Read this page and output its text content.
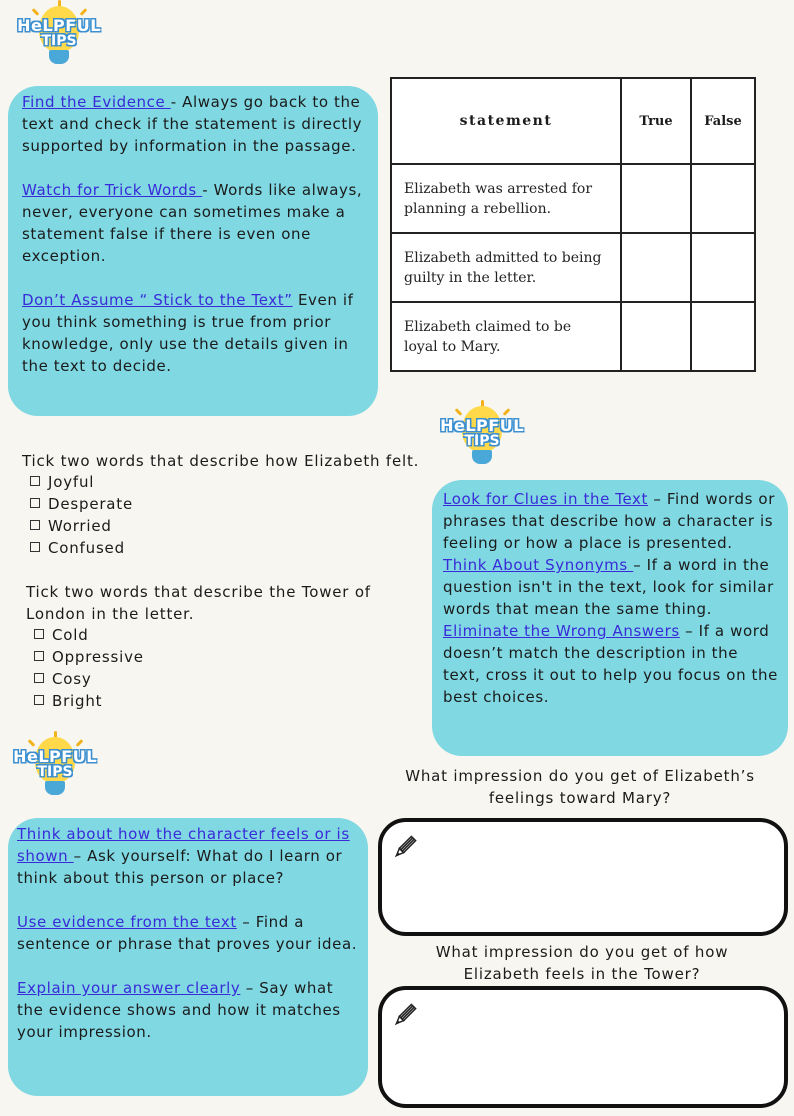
HeLPFUL
TIPS

Find the Evidence - Always go back to the text and check if the statement is directly supported by information in the passage.

Watch for Trick Words - Words like always, never, everyone can sometimes make a statement false if there is even one exception.

Don’t Assume “ Stick to the Text” Even if you think something is true from prior knowledge, only use the details given in the text to decide.

statement	True	False
Elizabeth was arrested for planning a rebellion.		
Elizabeth admitted to being guilty in the letter.		
Elizabeth claimed to be loyal to Mary.		
HeLPFUL
TIPS
Tick two words that describe how Elizabeth felt.
Joyful
Desperate
Worried
Confused
Tick two words that describe the Tower of
London in the letter.
Cold
Oppressive
Cosy
Bright

Look for Clues in the Text – Find words or phrases that describe how a character is feeling or how a place is presented.

Think About Synonyms – If a word in the question isn't in the text, look for similar words that mean the same thing.

Eliminate the Wrong Answers – If a word doesn’t match the description in the text, cross it out to help you focus on the best choices.

HeLPFUL
TIPS	What impression do you get of Elizabeth’s
feelings toward Mary?

Think about how the character feels or is shown – Ask yourself: What do I learn or think about this person or place?

Use evidence from the text – Find a sentence or phrase that proves your idea.

Explain your answer clearly – Say what the evidence shows and how it matches your impression.

What impression do you get of how
Elizabeth feels in the Tower?
